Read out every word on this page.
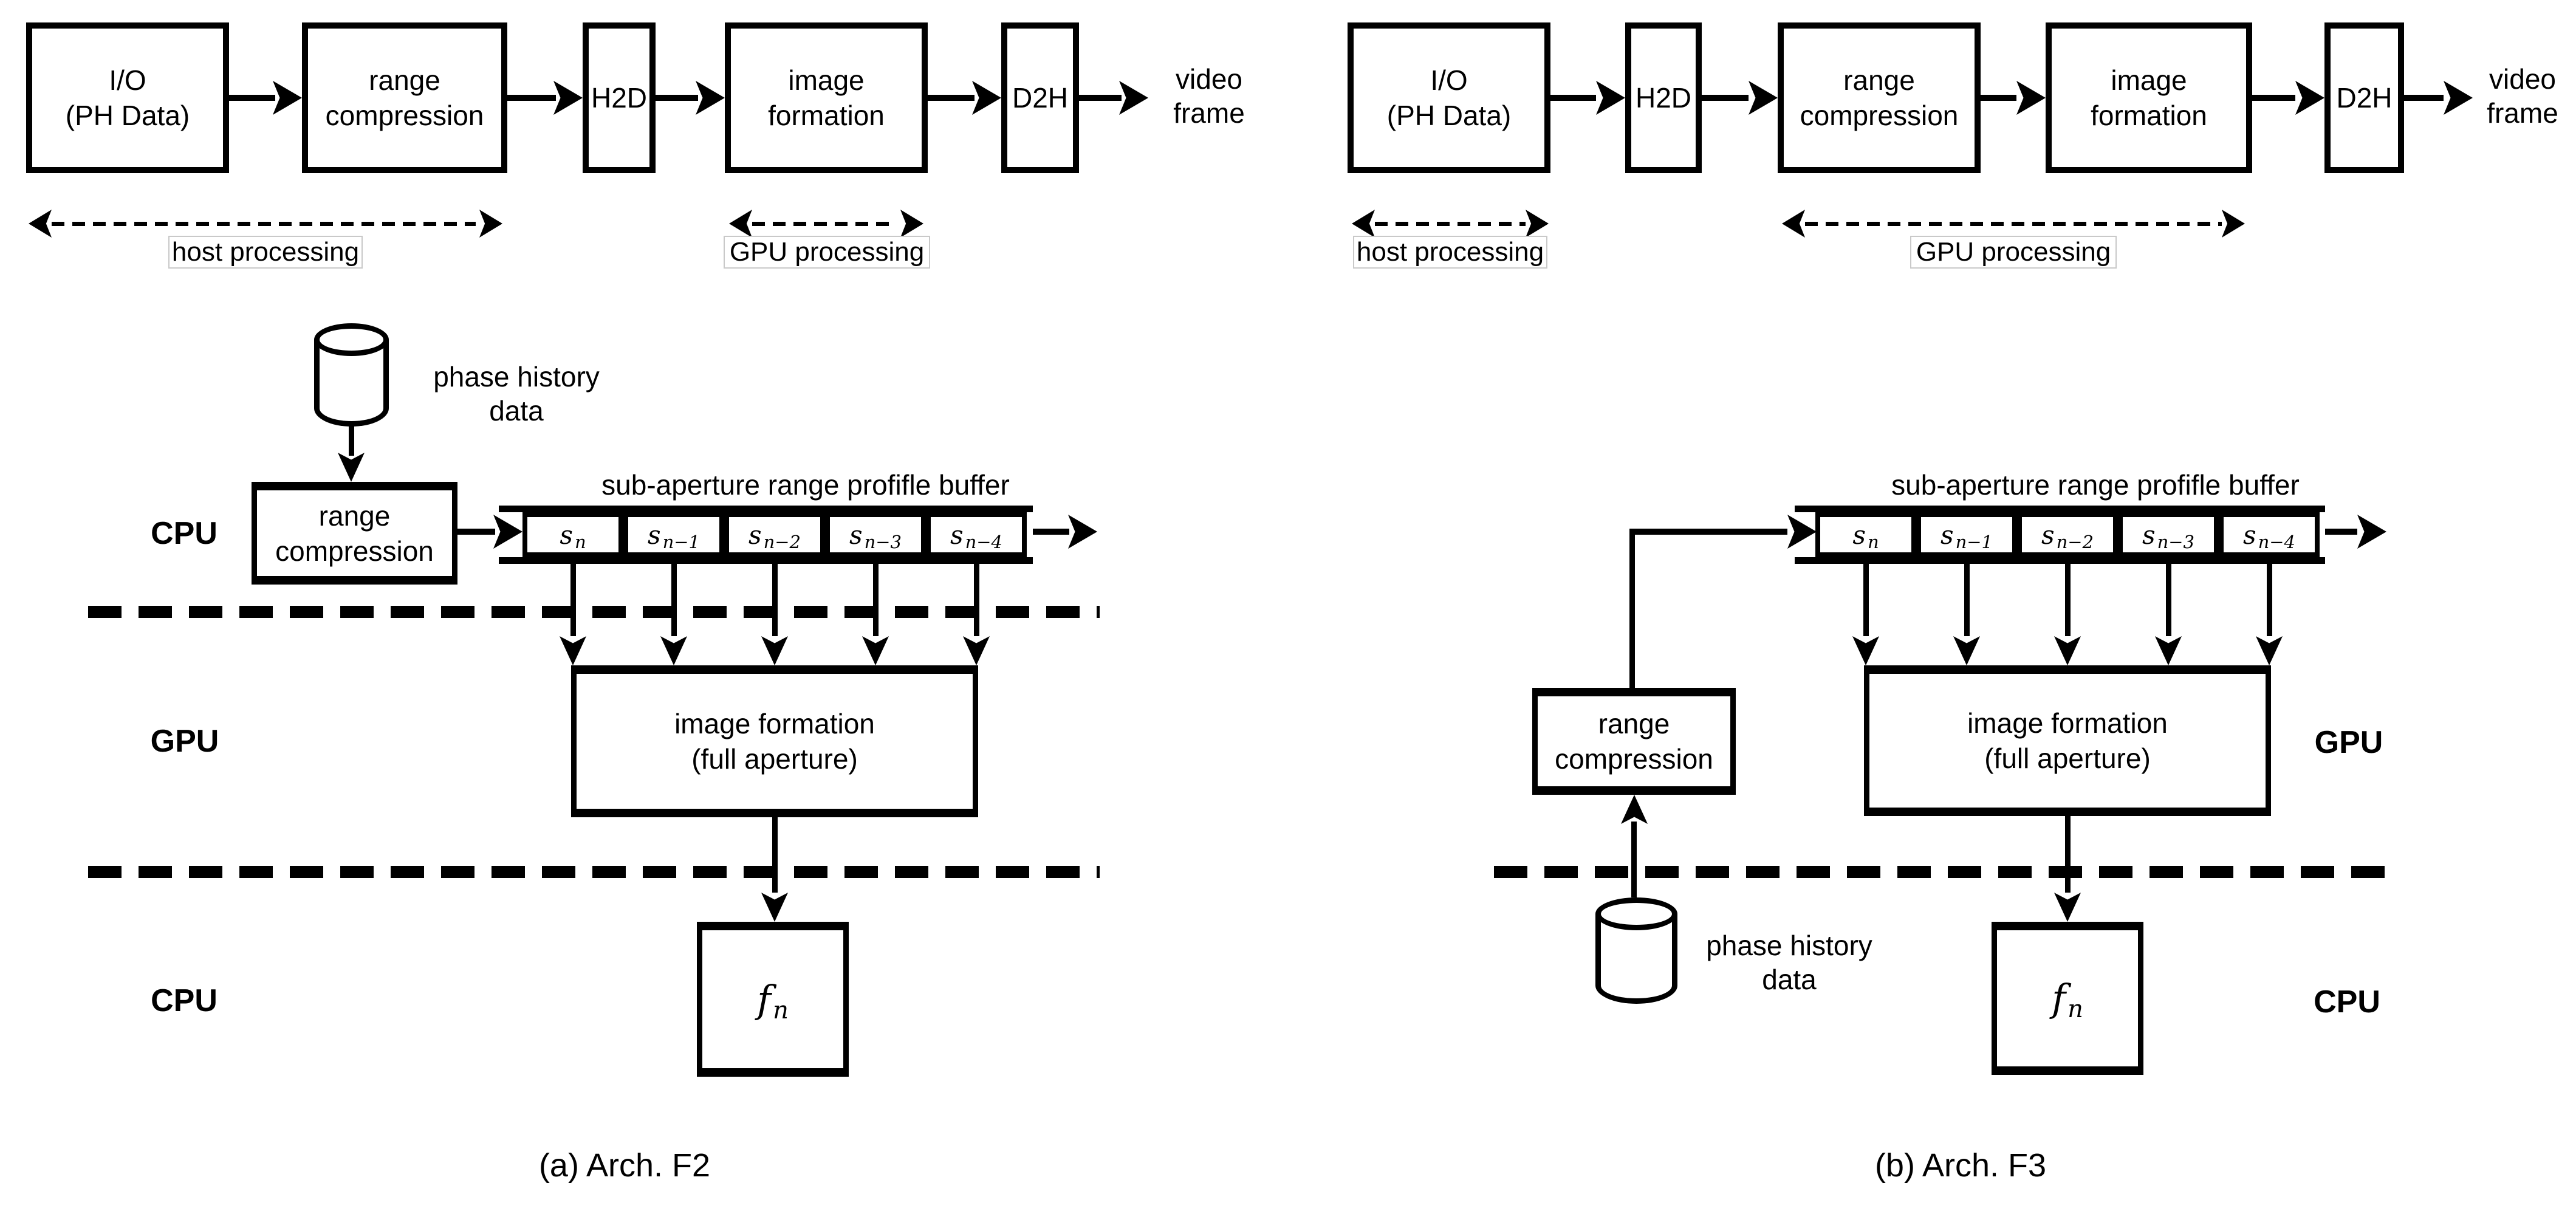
I/O
(PH Data)
range
compression
H2D
image
formation
D2H
video
frame
host processing	GPU processing
phase history
data
CPU
range
compression
sub-aperture range profifle buffer
s n s n−1 s n−2 s n−3 s n−4
GPU	image formation
(full aperture)
CPU	f n
(a) Arch. F2
I/O
(PH Data)
H2D
range
compression
image
formation
D2H
video
frame
host processing	GPU processing
sub-aperture range profifle buffer
s n s n−1 s n−2 s n−3 s n−4
range
compression
image formation
(full aperture)	GPU
phase history
data	f n	CPU
(b) Arch. F3
